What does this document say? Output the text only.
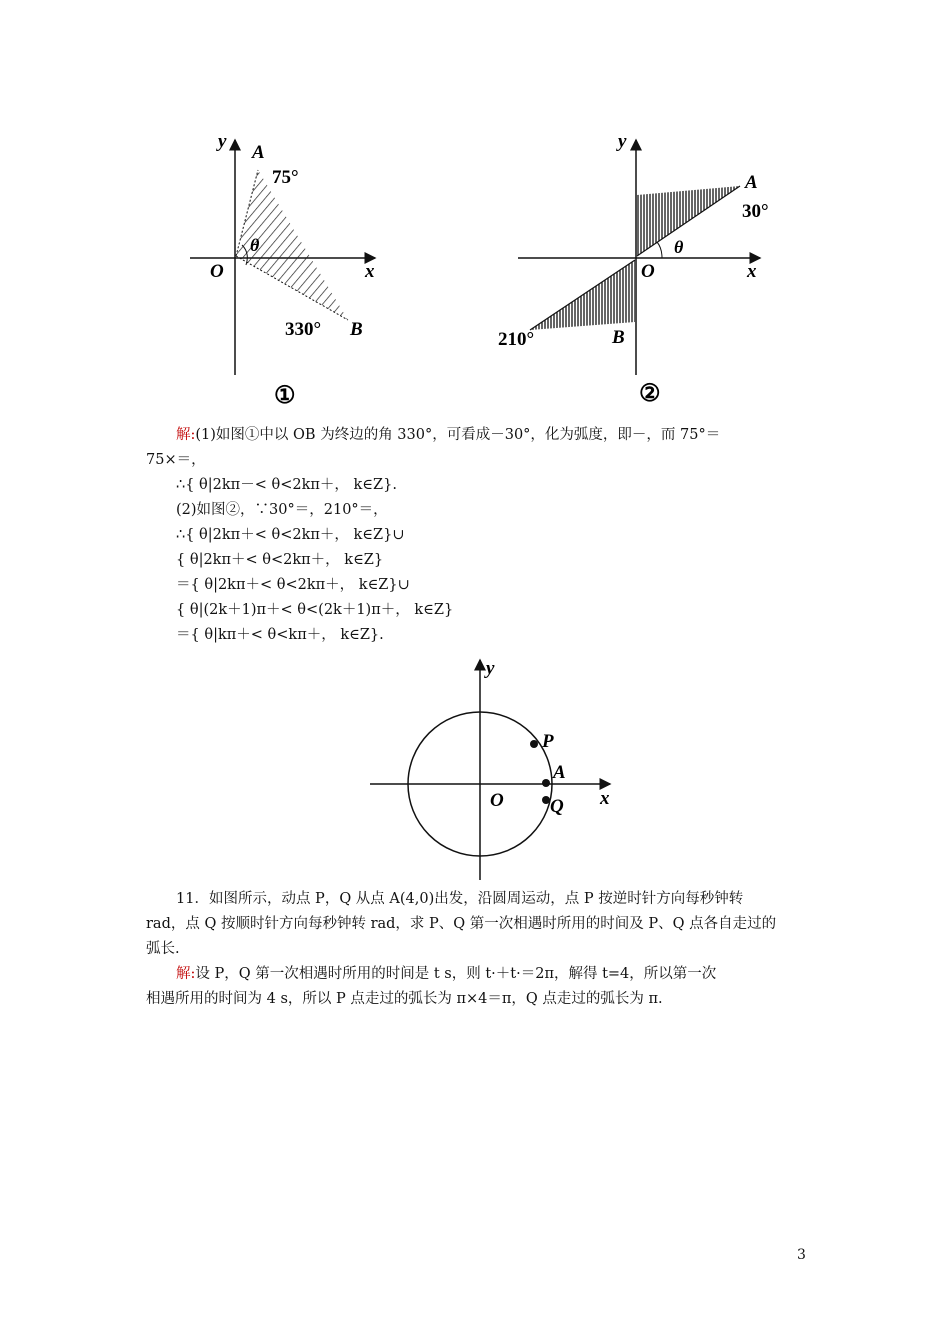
y
A
75°
θ
O	x
330° B
①
y
A
30°
θ
O	x
210°	B
②
解:(1)如图①中以 OB 为终边的角 330°，可看成－30°，化为弧度，即－，而 75°＝
75×＝，
∴{ θ|2kπ－< θ<2kπ＋， k∈Z}.
(2)如图②，∵30°＝，210°＝，
∴{ θ|2kπ＋< θ<2kπ＋， k∈Z}∪
{ θ|2kπ＋< θ<2kπ＋， k∈Z}
＝{ θ|2kπ＋< θ<2kπ＋， k∈Z}∪
{ θ|(2k＋1)π＋< θ<(2k＋1)π＋， k∈Z}
＝{ θ|kπ＋< θ<kπ＋， k∈Z}.
y
P
A
O Q x
11．如图所示，动点 P，Q 从点 A(4,0)出发，沿圆周运动，点 P 按逆时针方向每秒钟转
rad，点 Q 按顺时针方向每秒钟转 rad，求 P、Q 第一次相遇时所用的时间及 P、Q 点各自走过的
弧长.
解:设 P，Q 第一次相遇时所用的时间是 t s，则 t·＋t·＝2π，解得 t=4，所以第一次
相遇所用的时间为 4 s，所以 P 点走过的弧长为 π×4＝π，Q 点走过的弧长为 π.
3
